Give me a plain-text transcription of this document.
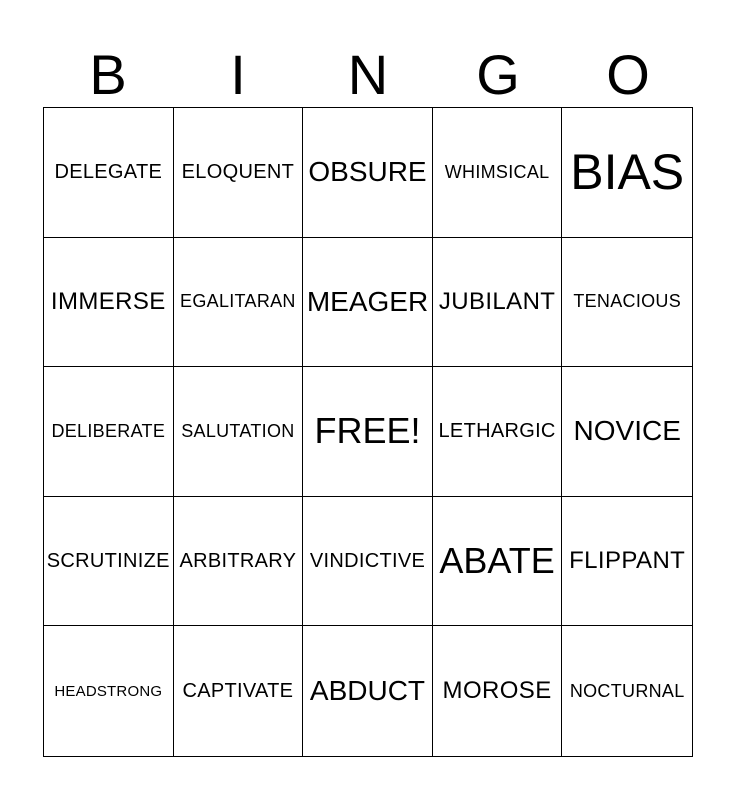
B	I	N	G	O
DELEGATE ELOQUENT OBSURE	WHIMSICAL BIAS
IMMERSE EGALITARAN MEAGER JUBILANT TENACIOUS
DELIBERATE SALUTATION FREE! LETHARGIC NOVICE
SCRUTINIZE ARBITRARY VINDICTIVE ABATE FLIPPANT
HEADSTRONG	CAPTIVATE ABDUCT MOROSE	NOCTURNAL
